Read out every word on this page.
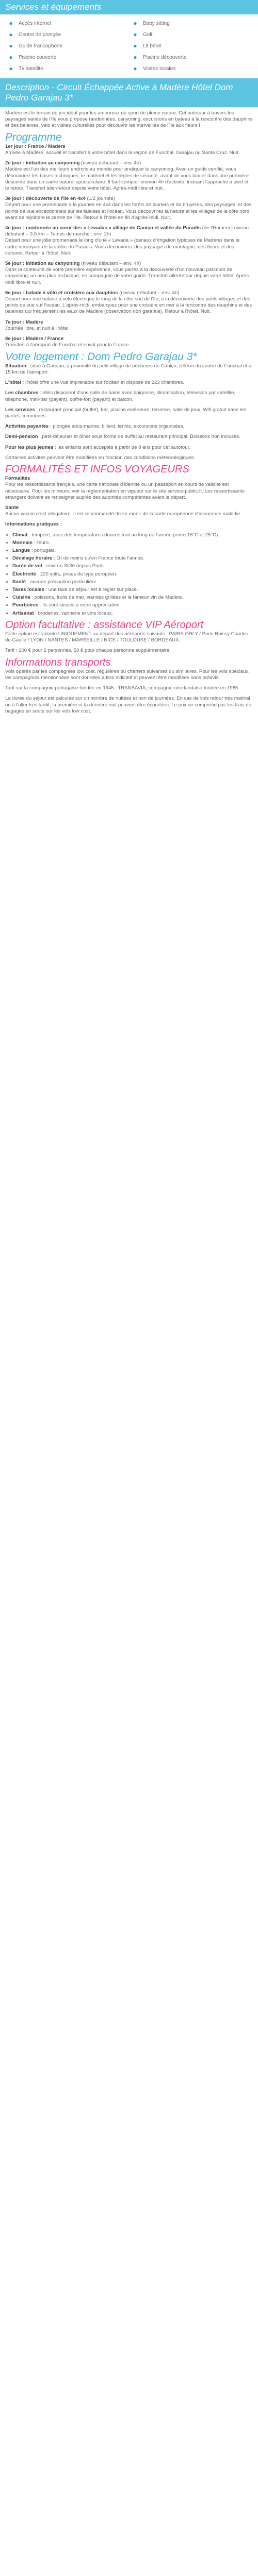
Services et équipements
●	Accès internet	●	Baby sitting
●	Centre de plongée	●	Golf
●	Guide francophone	●	Lit bébé
●	Piscine couverte	●	Piscine découverte
●	Tv satellite	●	Visites locales
Description - Circuit Échappée Active à Madère Hôtel Dom Pedro Garajau 3*

Madère est le terrain de jeu idéal pour les amoureux du sport de pleine nature. Cet autotour à travers les paysages variés de l'île vous propose randonnées, canyoning, excursions en bateau à la rencontre des dauphins et des baleines, vélo et visites culturelles pour découvrir les merveilles de l'île aux fleurs !

Programme

1er jour : France / Madère
Arrivée à Madère, accueil et transfert à votre hôtel dans la région de Funchal. Garajau ou Santa Cruz. Nuit.

2e jour : initiation au canyoning (niveau débutant – env. 4h)
Madère est l'un des meilleurs endroits au monde pour pratiquer le canyoning. Avec un guide certifié, vous découvrirez les bases techniques, le matériel et les règles de sécurité, avant de vous lancer dans une première descente dans un cadre naturel spectaculaire. Il faut compter environ 4h d'activité, incluant l'approche à pied et le retour. Transfert aller/retour depuis votre hôtel. Après-midi libre et nuit.

3e jour : découverte de l'île en 4x4 (1/2 journée)
Départ pour une promenade à la journée en 4x4 dans les forêts de lauriers et de bruyères, des paysages, et des points de vue exceptionnels sur les falaises et l'océan. Vous découvrirez la nature et les villages de la côte nord avant de rejoindre le centre de l'île. Retour à l'hôtel en fin d'après-midi. Nuit.

4e jour : randonnée au cœur des « Levadas » village de Caniço et vallée du Paradis (de l'Homem | niveau débutant – 3,5 km – Temps de marche : env. 2h)
Départ pour une jolie promenade le long d'une « Levada » (canaux d'irrigation typiques de Madère) dans le cadre verdoyant de la vallée du Paradis. Vous découvrirez des paysages de montagne, des fleurs et des cultures. Retour à l'hôtel. Nuit.

5e jour : initiation au canyoning (niveau débutant – env. 4h)
Dans la continuité de votre première expérience, vous partez à la découverte d'un nouveau parcours de canyoning, un peu plus technique, en compagnie de votre guide. Transfert aller/retour depuis votre hôtel. Après-midi libre et nuit.

6e jour : balade à vélo et croisière aux dauphins (niveau débutant – env. 4h)
Départ pour une balade à vélo électrique le long de la côte sud de l'île, à la découverte des petits villages et des points de vue sur l'océan. L'après-midi, embarquez pour une croisière en mer à la rencontre des dauphins et des baleines qui fréquentent les eaux de Madère (observation non garantie). Retour à l'hôtel. Nuit.

7e jour : Madère
Journée libre, et nuit à l'hôtel.

8e jour : Madère / France
Transfert à l'aéroport de Funchal et envol pour la France.

Votre logement : Dom Pedro Garajau 3*

Situation : situé à Garajau, à proximité du petit village de pêcheurs de Caniço, à 5 km du centre de Funchal et à 15 km de l'aéroport.

L'hôtel : l'hôtel offre une vue imprenable sur l'océan et dispose de 223 chambres.

Les chambres : elles disposent d'une salle de bains avec baignoire, climatisation, télévision par satellite, téléphone, mini-bar (payant), coffre-fort (payant) et balcon.

Les services : restaurant principal (buffet), bar, piscine extérieure, terrasse, salle de jeux, Wifi gratuit dans les parties communes.

Activités payantes : plongée sous-marine, billard, tennis, excursions organisées.

Demi-pension : petit-déjeuner et dîner sous forme de buffet au restaurant principal. Boissons non incluses.

Pour les plus jeunes : les enfants sont acceptés à partir de 8 ans pour cet autotour.

Certaines activités peuvent être modifiées en fonction des conditions météorologiques.

FORMALITÉS ET INFOS VOYAGEURS

Formalités
Pour les ressortissants français, une carte nationale d'identité ou un passeport en cours de validité est nécessaire. Pour les mineurs, voir la réglementation en vigueur sur le site service-public.fr. Les ressortissants étrangers doivent se renseigner auprès des autorités compétentes avant le départ.

Santé
Aucun vaccin n'est obligatoire. Il est recommandé de se munir de la carte européenne d'assurance maladie.

Informations pratiques :

• Climat : tempéré, avec des températures douces tout au long de l'année (entre 18°C et 25°C).
• Monnaie : l'euro.
• Langue : portugais.
• Décalage horaire : 1h de moins qu'en France toute l'année.
• Durée de vol : environ 3h30 depuis Paris.
• Électricité : 220 volts, prises de type européen.
• Santé : aucune précaution particulière.
• Taxes locales : une taxe de séjour est à régler sur place.
• Cuisine : poissons, fruits de mer, viandes grillées et le fameux vin de Madère.
• Pourboires : ils sont laissés à votre appréciation.
• Artisanat : broderies, vannerie et vins locaux.
Option facultative : assistance VIP Aéroport

Cette option est valable UNIQUEMENT au départ des aéroports suivants : PARIS ORLY / Paris Roissy Charles de Gaulle / LYON / NANTES / MARSEILLE / NICE / TOULOUSE / BORDEAUX.

Tarif : 100 € pour 2 personnes, 50 € pour chaque personne supplémentaire.

Informations transports

Vols opérés par les compagnies low cost, régulières ou charters suivantes ou similaires. Pour les vols spéciaux, les compagnies mentionnées sont données à titre indicatif et peuvent être modifiées sans préavis.

Tarif sur la compagnie portugaise fondée en 1945 : TRANSAVIA, compagnie néerlandaise fondée en 1965.

La durée du séjour est calculée sur un nombre de nuitées et non de journées. En cas de vols retour très matinal ou à l'aller très tardif, la première et la dernière nuit peuvent être écourtées. Le prix ne comprend pas les frais de bagages en soute sur les vols low cost.
